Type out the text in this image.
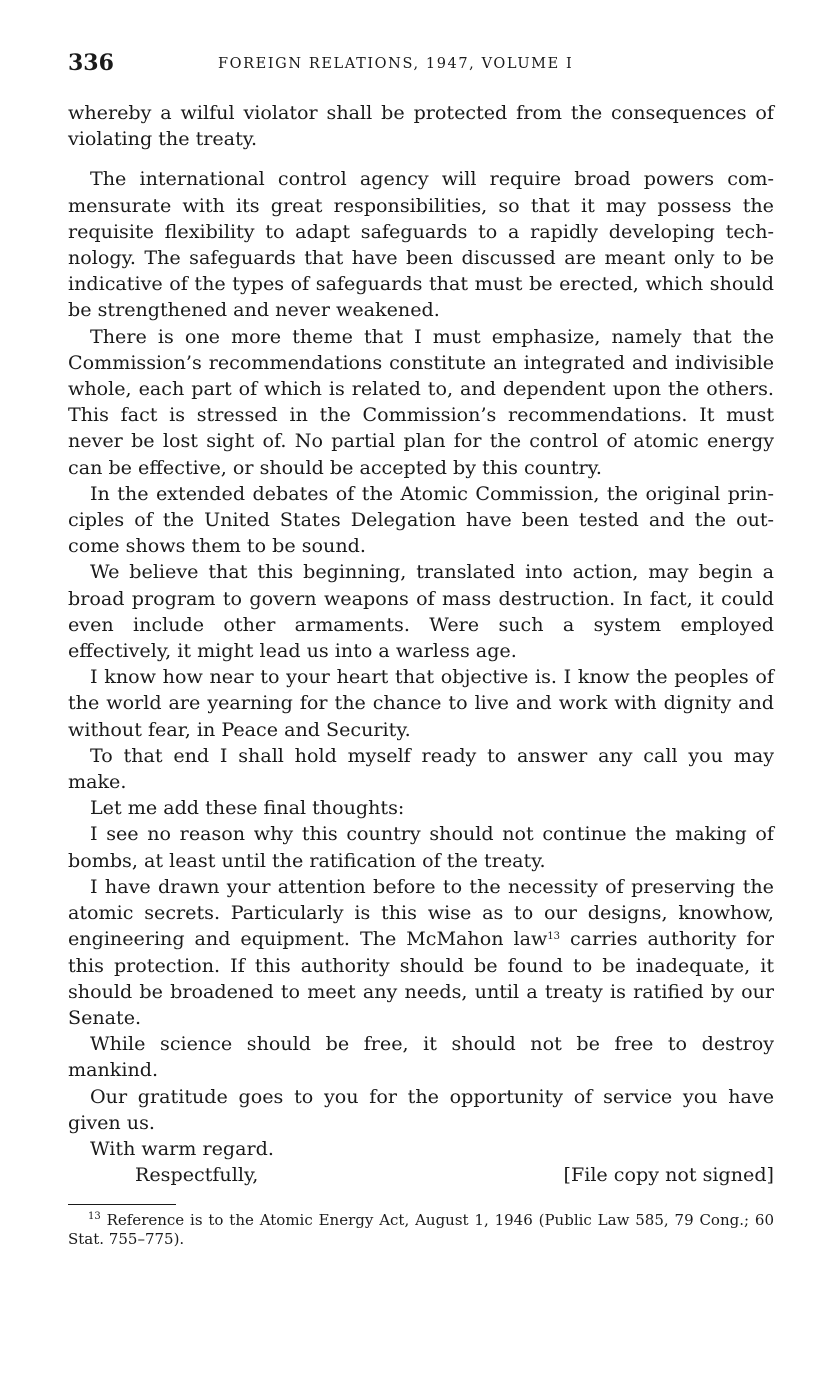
336	FOREIGN RELATIONS, 1947, VOLUME I

whereby a wilful violator shall be protected from the consequences of violating the treaty.

The international control agency will require broad powers commensurate with its great responsibilities, so that it may possess the requisite flexibility to adapt safeguards to a rapidly developing technology. The safeguards that have been discussed are meant only to be indicative of the types of safeguards that must be erected, which should be strengthened and never weakened.

There is one more theme that I must emphasize, namely that the Commission’s recommendations constitute an integrated and indivisible whole, each part of which is related to, and dependent upon the others. This fact is stressed in the Commission’s recommendations. It must never be lost sight of. No partial plan for the control of atomic energy can be effective, or should be accepted by this country.

In the extended debates of the Atomic Commission, the original principles of the United States Delegation have been tested and the outcome shows them to be sound.

We believe that this beginning, translated into action, may begin a broad program to govern weapons of mass destruction. In fact, it could even include other armaments. Were such a system employed effectively, it might lead us into a warless age.

I know how near to your heart that objective is. I know the peoples of the world are yearning for the chance to live and work with dignity and without fear, in Peace and Security.

To that end I shall hold myself ready to answer any call you may make.

Let me add these final thoughts:

I see no reason why this country should not continue the making of bombs, at least until the ratification of the treaty.

I have drawn your attention before to the necessity of preserving the atomic secrets. Particularly is this wise as to our designs, knowhow, engineering and equipment. The McMahon law$^{13}$ carries authority for this protection. If this authority should be found to be inadequate, it should be broadened to meet any needs, until a treaty is ratified by our Senate.

While science should be free, it should not be free to destroy mankind.

Our gratitude goes to you for the opportunity of service you have given us.

With warm regard.

Respectfully,	[File copy not signed]

$^{13}$ Reference is to the Atomic Energy Act, August 1, 1946 (Public Law 585, 79 Cong.; 60 Stat. 755–775).
